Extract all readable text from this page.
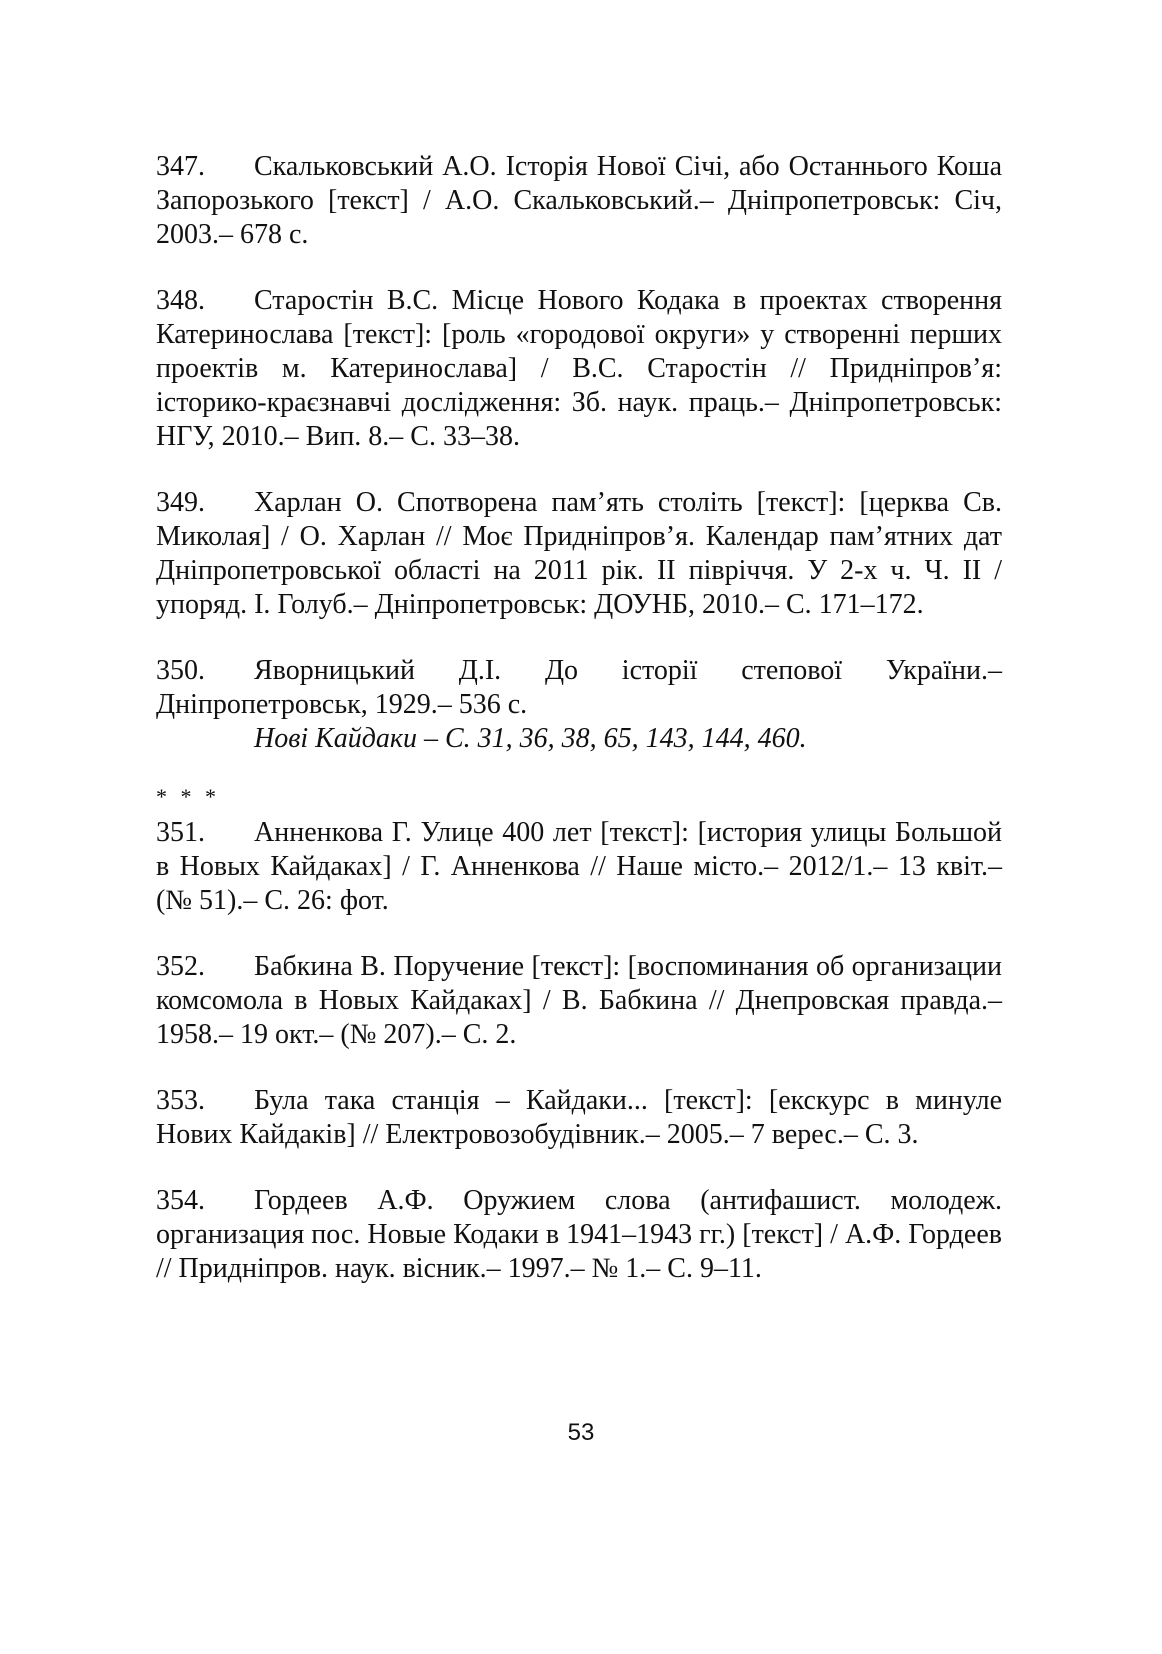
347. Скальковський А.О. Історія Нової Січі, або Останнього Коша Запорозького [текст] / А.О. Скальковський.– Дніпропетровськ: Січ, 2003.– 678 с.

348. Старостін В.С. Місце Нового Кодака в проектах створення Катеринослава [текст]: [роль «городової округи» у створенні перших проектів м. Катеринослава] / В.С. Старостін // Придніпров’я: історико-краєзнавчі дослідження: Зб. наук. праць.– Дніпропетровськ: НГУ, 2010.– Вип. 8.– С. 33–38.

349. Харлан О. Спотворена пам’ять століть [текст]: [церква Св. Миколая] / О. Харлан // Моє Придніпров’я. Календар пам’ятних дат Дніпропетровської області на 2011 рік. ІІ півріччя. У 2-х ч. Ч. ІІ / упоряд. І. Голуб.– Дніпропетровськ: ДОУНБ, 2010.– С. 171–172.

350. Яворницький Д.І. До історії степової України.– Дніпропетровськ, 1929.– 536 с.

Нові Кайдаки – С. 31, 36, 38, 65, 143, 144, 460.
* * *

351. Анненкова Г. Улице 400 лет [текст]: [история улицы Большой в Новых Кайдаках] / Г. Анненкова // Наше місто.– 2012/1.– 13 квіт.– (№ 51).– С. 26: фот.

352. Бабкина В. Поручение [текст]: [воспоминания об организации комсомола в Новых Кайдаках] / В. Бабкина // Днепровская правда.– 1958.– 19 окт.– (№ 207).– С. 2.

353. Була така станція – Кайдаки... [текст]: [екскурс в минуле Нових Кайдаків] // Електровозобудівник.– 2005.– 7 верес.– С. 3.

354. Гордеев А.Ф. Оружием слова (антифашист. молодеж. организация пос. Новые Кодаки в 1941–1943 гг.) [текст] / А.Ф. Гордеев // Придніпров. наук. вісник.– 1997.– № 1.– С. 9–11.

53
